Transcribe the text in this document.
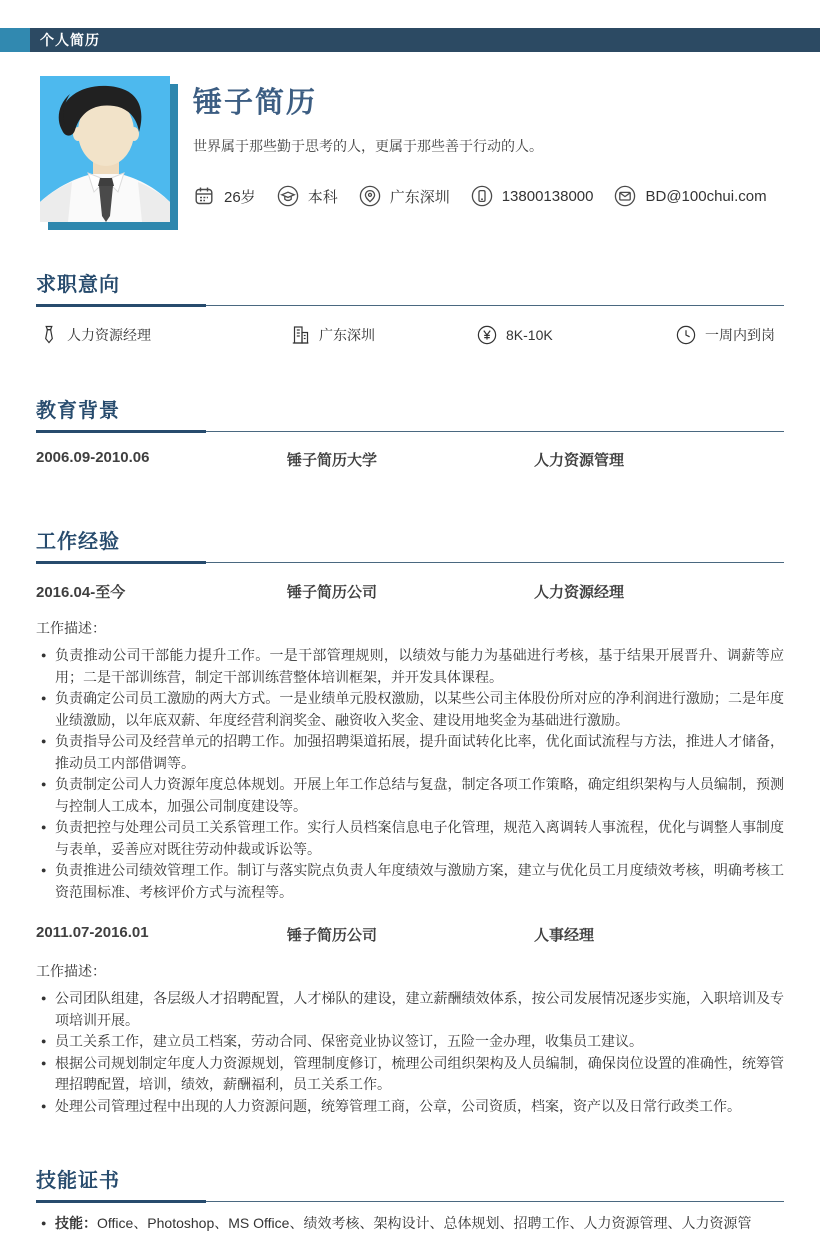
个人简历
锤子简历
世界属于那些勤于思考的人，更属于那些善于行动的人。
26岁	本科	广东深圳	13800138000	BD@100chui.com
求职意向
人力资源经理	广东深圳	8K-10K	一周内到岗
教育背景
2006.09-2010.06	锤子简历大学	人力资源管理
工作经验
2016.04-至今	锤子简历公司	人力资源经理
工作描述：
● 负责推动公司干部能力提升工作。一是干部管理规则，以绩效与能力为基础进行考核，基于结果开展晋升、调薪等应用；二是干部训练营，制定干部训练营整体培训框架，并开发具体课程。

● 负责确定公司员工激励的两大方式。一是业绩单元股权激励，以某些公司主体股份所对应的净利润进行激励；二是年度业绩激励，以年底双薪、年度经营利润奖金、融资收入奖金、建设用地奖金为基础进行激励。

● 负责指导公司及经营单元的招聘工作。加强招聘渠道拓展，提升面试转化比率，优化面试流程与方法，推进人才储备，推动员工内部借调等。

● 负责制定公司人力资源年度总体规划。开展上年工作总结与复盘，制定各项工作策略，确定组织架构与人员编制，预测与控制人工成本，加强公司制度建设等。

● 负责把控与处理公司员工关系管理工作。实行人员档案信息电子化管理，规范入离调转人事流程，优化与调整人事制度与表单，妥善应对既往劳动仲裁或诉讼等。

● 负责推进公司绩效管理工作。制订与落实院点负责人年度绩效与激励方案，建立与优化员工月度绩效考核，明确考核工资范围标准、考核评价方式与流程等。

2011.07-2016.01	锤子简历公司	人事经理
工作描述：
● 公司团队组建，各层级人才招聘配置，人才梯队的建设，建立薪酬绩效体系，按公司发展情况逐步实施，入职培训及专项培训开展。

● 员工关系工作，建立员工档案，劳动合同、保密竞业协议签订，五险一金办理，收集员工建议。

● 根据公司规划制定年度人力资源规划，管理制度修订，梳理公司组织架构及人员编制，确保岗位设置的准确性，统筹管理招聘配置，培训，绩效，薪酬福利，员工关系工作。

● 处理公司管理过程中出现的人力资源问题，统筹管理工商，公章，公司资质，档案，资产以及日常行政类工作。

技能证书
● 技能：Office、Photoshop、MS Office、绩效考核、架构设计、总体规划、招聘工作、人力资源管理、人力资源管
